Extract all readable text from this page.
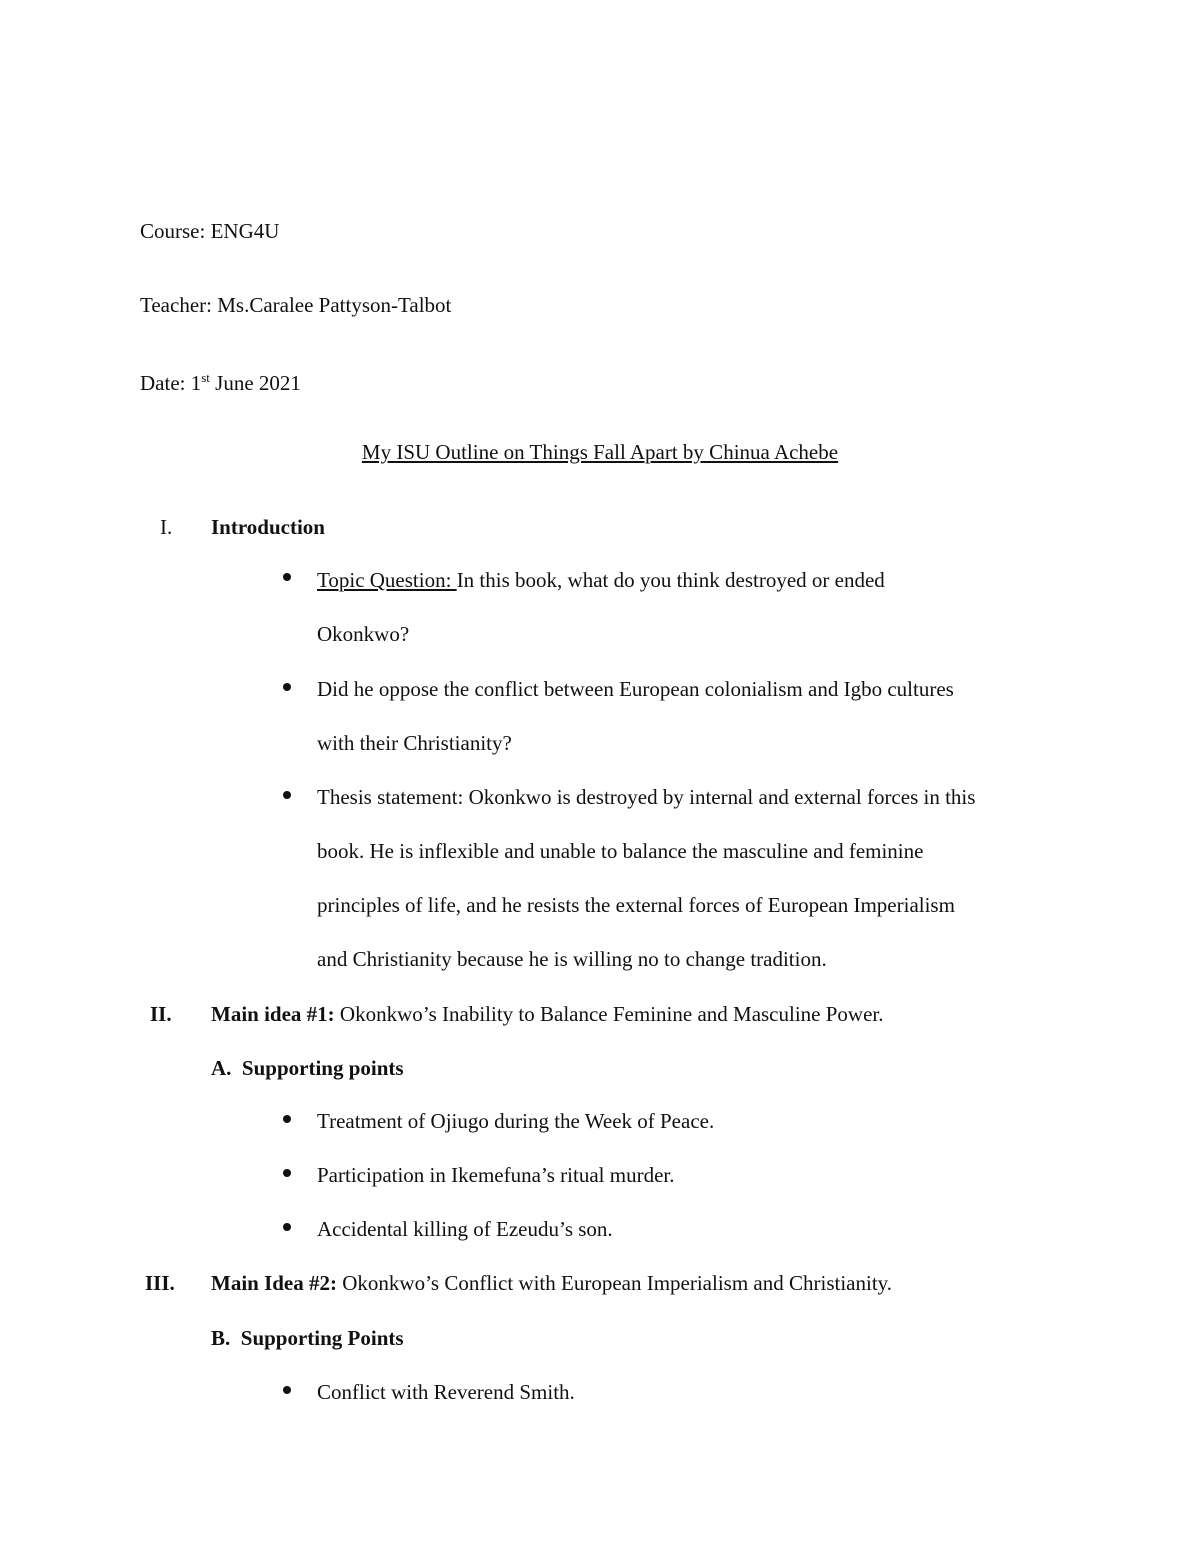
Course: ENG4U
Teacher: Ms.Caralee Pattyson-Talbot
Date: 1st June 2021
My ISU Outline on Things Fall Apart by Chinua Achebe
I. Introduction
Topic Question: In this book, what do you think destroyed or ended
Okonkwo?
Did he oppose the conflict between European colonialism and Igbo cultures
with their Christianity?
Thesis statement: Okonkwo is destroyed by internal and external forces in this
book. He is inflexible and unable to balance the masculine and feminine
principles of life, and he resists the external forces of European Imperialism
and Christianity because he is willing no to change tradition.
II. Main idea #1: Okonkwo’s Inability to Balance Feminine and Masculine Power.
A. Supporting points
Treatment of Ojiugo during the Week of Peace.
Participation in Ikemefuna’s ritual murder.
Accidental killing of Ezeudu’s son.
III. Main Idea #2: Okonkwo’s Conflict with European Imperialism and Christianity.
B. Supporting Points
Conflict with Reverend Smith.
